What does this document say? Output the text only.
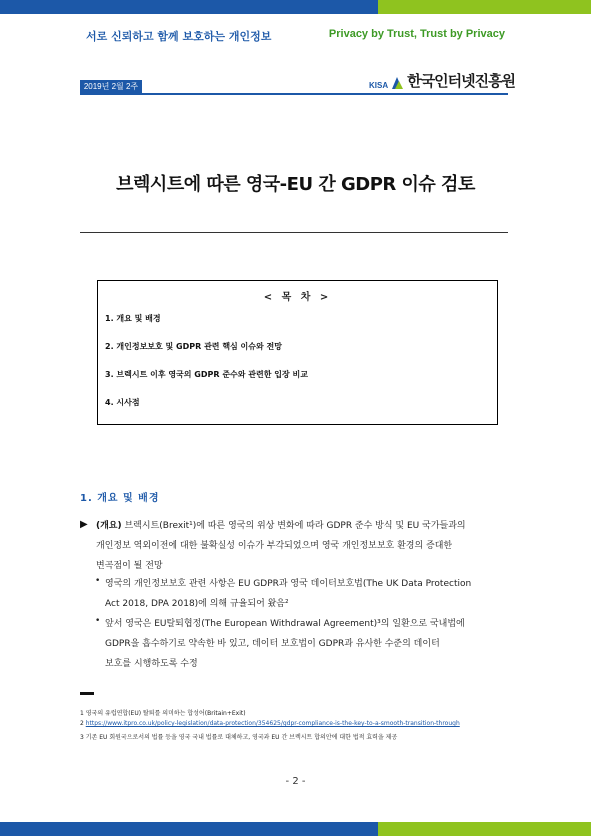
서로 신뢰하고 함께 보호하는 개인정보	Privacy by Trust, Trust by Privacy
2019년 2월 2주	KISA 한국인터넷진흥원
브렉시트에 따른 영국-EU 간 GDPR 이슈 검토
< 목 차 >
1. 개요 및 배경
2. 개인정보보호 및 GDPR 관련 핵심 이슈와 전망
3. 브렉시트 이후 영국의 GDPR 준수와 관련한 입장 비교
4. 시사점
1. 개요 및 배경
▶ (개요) 브렉시트(Brexit¹)에 따른 영국의 위상 변화에 따라 GDPR 준수 방식 및 EU 국가들과의
개인정보 역외이전에 대한 불확실성 이슈가 부각되었으며 영국 개인정보보호 환경의 증대한
변곡점이 될 전망
• 영국의 개인정보보호 관련 사항은 EU GDPR과 영국 데이터보호법(The UK Data Protection
Act 2018, DPA 2018)에 의해 규율되어 왔음²
• 앞서 영국은 EU탈퇴협정(The European Withdrawal Agreement)³의 일환으로 국내법에
GDPR을 흡수하기로 약속한 바 있고, 데이터 보호법이 GDPR과 유사한 수준의 데이터
보호를 시행하도록 수정
1 영국의 유럽연합(EU) 탈퇴를 의미하는 합성어(Britain+Exit)
2 https://www.itpro.co.uk/policy-legislation/data-protection/354625/gdpr-compliance-is-the-key-to-a-smooth-transition-through
3 기존 EU 회원국으로서의 법률 등을 영국 국내 법률로 대체하고, 영국과 EU 간 브렉시트 합의안에 대한 법적 효력을 제공
- 2 -
